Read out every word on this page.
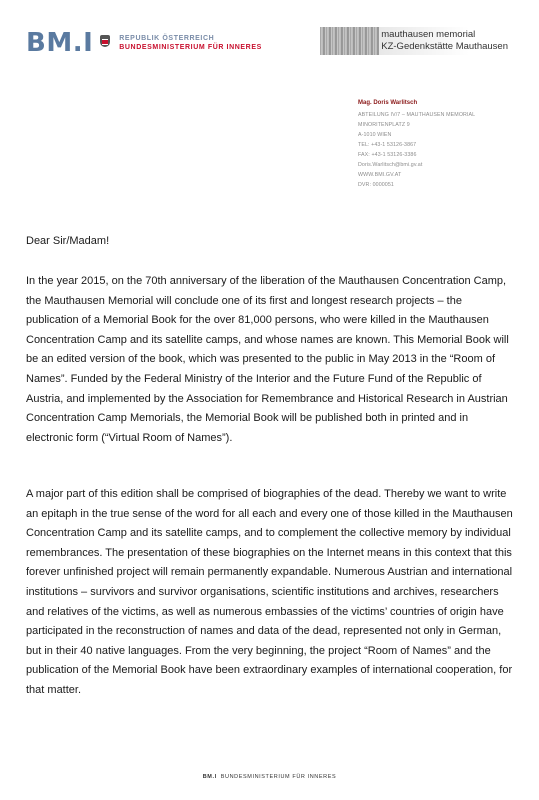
BM.I	REPUBLIK ÖSTERREICH
BUNDESMINISTERIUM FÜR INNERES
mauthausen memorial
KZ-Gedenkstätte Mauthausen
Mag. Doris Warlitsch
ABTEILUNG IV/7 – MAUTHAUSEN MEMORIAL
MINORITENPLATZ 9
A-1010 WIEN
TEL: +43-1 53126-3867
FAX: +43-1 53126-3386
Doris.Warlitsch@bmi.gv.at
WWW.BMI.GV.AT
DVR: 0000051
Dear Sir/Madam!

In the year 2015, on the 70th anniversary of the liberation of the Mauthausen Concentration Camp, the Mauthausen Memorial will conclude one of its first and longest research projects – the publication of a Memorial Book for the over 81,000 persons, who were killed in the Mauthausen Concentration Camp and its satellite camps, and whose names are known. This Memorial Book will be an edited version of the book, which was presented to the public in May 2013 in the “Room of Names”. Funded by the Federal Ministry of the Interior and the Future Fund of the Republic of Austria, and implemented by the Association for Remembrance and Historical Research in Austrian Concentration Camp Memorials, the Memorial Book will be published both in printed and in electronic form (“Virtual Room of Names”).

A major part of this edition shall be comprised of biographies of the dead. Thereby we want to write an epitaph in the true sense of the word for all each and every one of those killed in the Mauthausen Concentration Camp and its satellite camps, and to complement the collective memory by individual remembrances. The presentation of these biographies on the Internet means in this context that this forever unfinished project will remain permanently expandable. Numerous Austrian and international institutions – survivors and survivor organisations, scientific institutions and archives, researchers and relatives of the victims, as well as numerous embassies of the victims’ countries of origin have participated in the reconstruction of names and data of the dead, represented not only in German, but in their 40 native languages. From the very beginning, the project “Room of Names” and the publication of the Memorial Book have been extraordinary examples of international cooperation, for that matter.

BM.I BUNDESMINISTERIUM FÜR INNERES
